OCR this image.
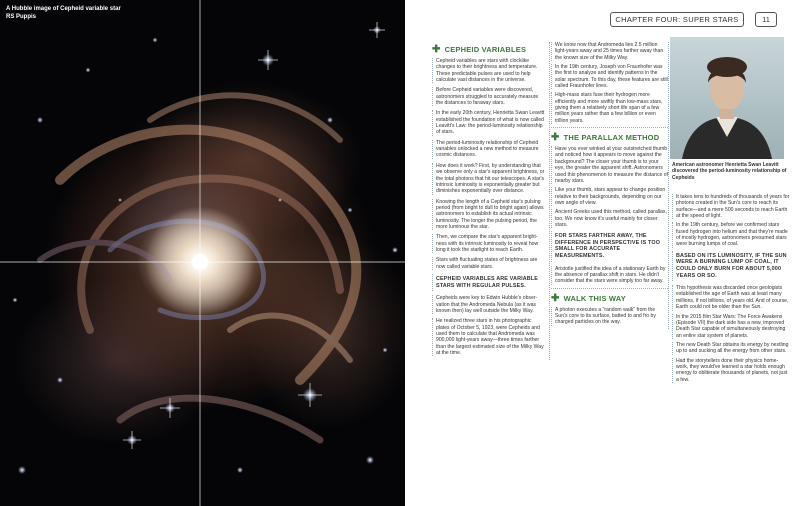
A Hubble image of Cepheid variable star RS Puppis	CHAPTER FOUR: SUPER STARS	11
✚ CEPHEID VARIABLES
Cepheid variables are stars with clocklike changes to their brightness and temperature. These predictable pulses are used to help calculate vast distances in the universe.
Before Cepheid variables were discovered, astronomers struggled to accurately measure the distances to faraway stars.
In the early 20th century, Henrietta Swan Leavitt established the foundation of what is now called Leavitt's Law: the period-luminosity relationship of stars.
The period-luminosity relationship of Cepheid variables unlocked a new method to measure cosmic distances.
How does it work? First, by understanding that we observe only a star's apparent brightness, or the total photons that hit our telescopes. A star's intrinsic luminosity is exponentially greater but diminishes exponentially over distance.
Knowing the length of a Cepheid star's pulsing period (from bright to dull to bright again) allows astronomers to establish its actual intrinsic luminosity. The longer the pulsing period, the more luminous the star.
Then, we compare the star's apparent bright-ness with its intrinsic luminosity to reveal how long it took the starlight to reach Earth.
Stars with fluctuating states of brightness are now called variable stars.
CEPHEID VARIABLES ARE VARIABLE STARS WITH REGULAR PULSES.
Cepheids were key to Edwin Hubble's obser-vation that the Andromeda Nebula (as it was known then) lay well outside the Milky Way.
He realized three stars in his photographic plates of October 5, 1923, were Cepheids and used them to calculate that Andromeda was 900,000 light-years away—three times farther than the largest estimated size of the Milky Way at the time.
We know now that Andromeda lies 2.5 million light-years away and 25 times farther away than the known size of the Milky Way.
In the 19th century, Joseph von Fraunhofer was the first to analyze and identify patterns in the solar spectrum. To this day, these features are still called Fraunhofer lines.
High-mass stars fuse their hydrogen more efficiently and more swiftly than low-mass stars, giving them a relatively short life span of a few million years rather than a few billion or even trillion years.
✚ THE PARALLAX METHOD
Have you ever winked at your outstretched thumb and noticed how it appears to move against the background? The closer your thumb is to your eye, the greater the apparent shift. Astronomers used this phenomenon to measure the distance of nearby stars.
Like your thumb, stars appear to change position relative to their backgrounds, depending on our own angle of view.
Ancient Greeks used this method, called parallax, too. We now know it's useful mainly for closer stars.
FOR STARS FARTHER AWAY, THE DIFFERENCE IN PERSPECTIVE IS TOO SMALL FOR ACCURATE MEASUREMENTS.
Aristotle justified the idea of a stationary Earth by the absence of parallax shift in stars. He didn't consider that the stars were simply too far away.
✚ WALK THIS WAY
A photon executes a "random walk" from the Sun's core to its surface, batted to and fro by charged particles on the way.
American astronomer Henrietta Swan Leavitt discovered the period-luminosity relationship of Cepheids
It takes tens to hundreds of thousands of years for photons created in the Sun's core to reach its surface—and a mere 500 seconds to reach Earth at the speed of light.
In the 19th century, before we confirmed stars fused hydrogen into helium and that they're made of mostly hydrogen, astronomers presumed stars were burning lumps of coal.
BASED ON ITS LUMINOSITY, IF THE SUN WERE A BURNING LUMP OF COAL, IT COULD ONLY BURN FOR ABOUT 5,000 YEARS OR SO.
This hypothesis was discarded once geologists established the age of Earth was at least many millions, if not billions, of years old. And of course, Earth could not be older than the Sun.
In the 2015 film Star Wars: The Force Awakens (Episode VII) the dark side has a new, improved Death Star capable of simultaneously destroying an entire star system of planets.
The new Death Star obtains its energy by nestling up to and sucking all the energy from other stars.
Had the storytellers done their physics home-work, they would've learned a star holds enough energy to obliterate thousands of planets, not just a few.
